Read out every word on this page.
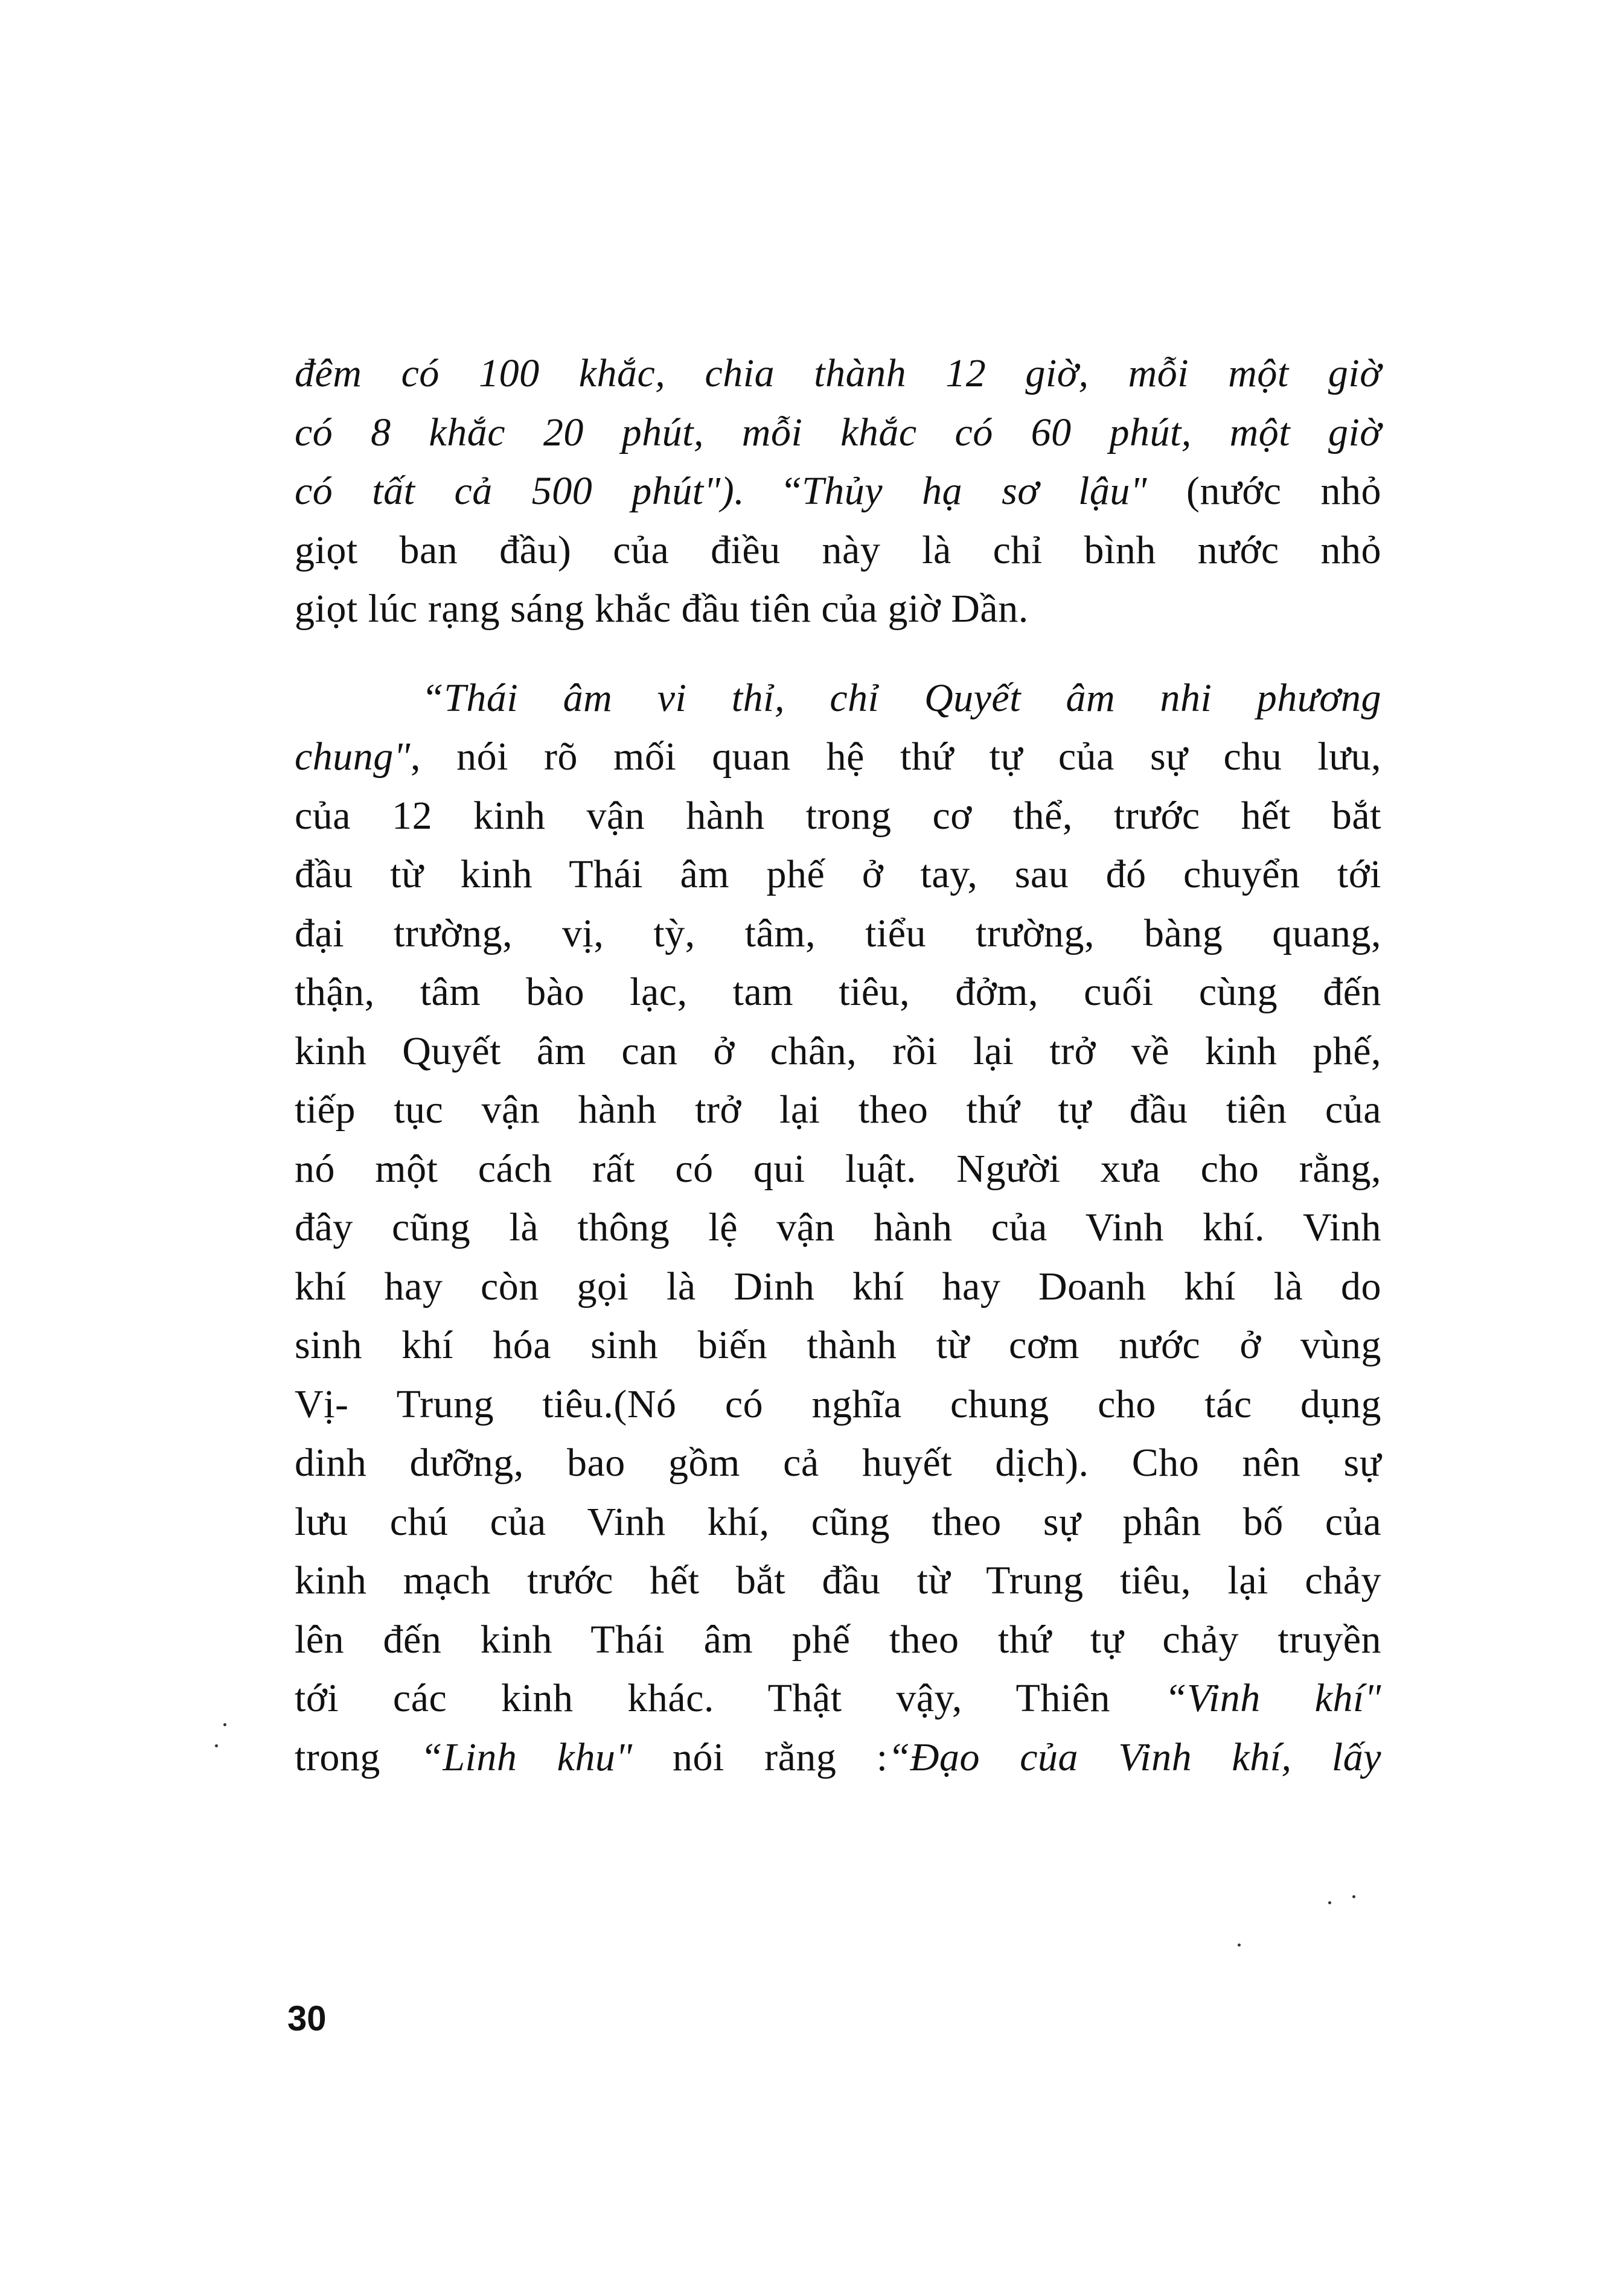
đêm có 100 khắc, chia thành 12 giờ, mỗi một giờ
có 8 khắc 20 phút, mỗi khắc có 60 phút, một giờ
có tất cả 500 phút"). “Thủy hạ sơ lậu" (nước nhỏ
giọt ban đầu) của điều này là chỉ bình nước nhỏ
giọt lúc rạng sáng khắc đầu tiên của giờ Dần.
“Thái âm vi thỉ, chỉ Quyết âm nhi phương
chung", nói rõ mối quan hệ thứ tự của sự chu lưu,
của 12 kinh vận hành trong cơ thể, trước hết bắt
đầu từ kinh Thái âm phế ở tay, sau đó chuyển tới
đại trường, vị, tỳ, tâm, tiểu trường, bàng quang,
thận, tâm bào lạc, tam tiêu, đởm, cuối cùng đến
kinh Quyết âm can ở chân, rồi lại trở về kinh phế,
tiếp tục vận hành trở lại theo thứ tự đầu tiên của
nó một cách rất có qui luật. Người xưa cho rằng,
đây cũng là thông lệ vận hành của Vinh khí. Vinh
khí hay còn gọi là Dinh khí hay Doanh khí là do
sinh khí hóa sinh biến thành từ cơm nước ở vùng
Vị- Trung tiêu.(Nó có nghĩa chung cho tác dụng
dinh dưỡng, bao gồm cả huyết dịch). Cho nên sự
lưu chú của Vinh khí, cũng theo sự phân bố của
kinh mạch trước hết bắt đầu từ Trung tiêu, lại chảy
lên đến kinh Thái âm phế theo thứ tự chảy truyền
tới các kinh khác. Thật vậy, Thiên “Vinh khí"
trong “Linh khu" nói rằng :“Đạo của Vinh khí, lấy
30
